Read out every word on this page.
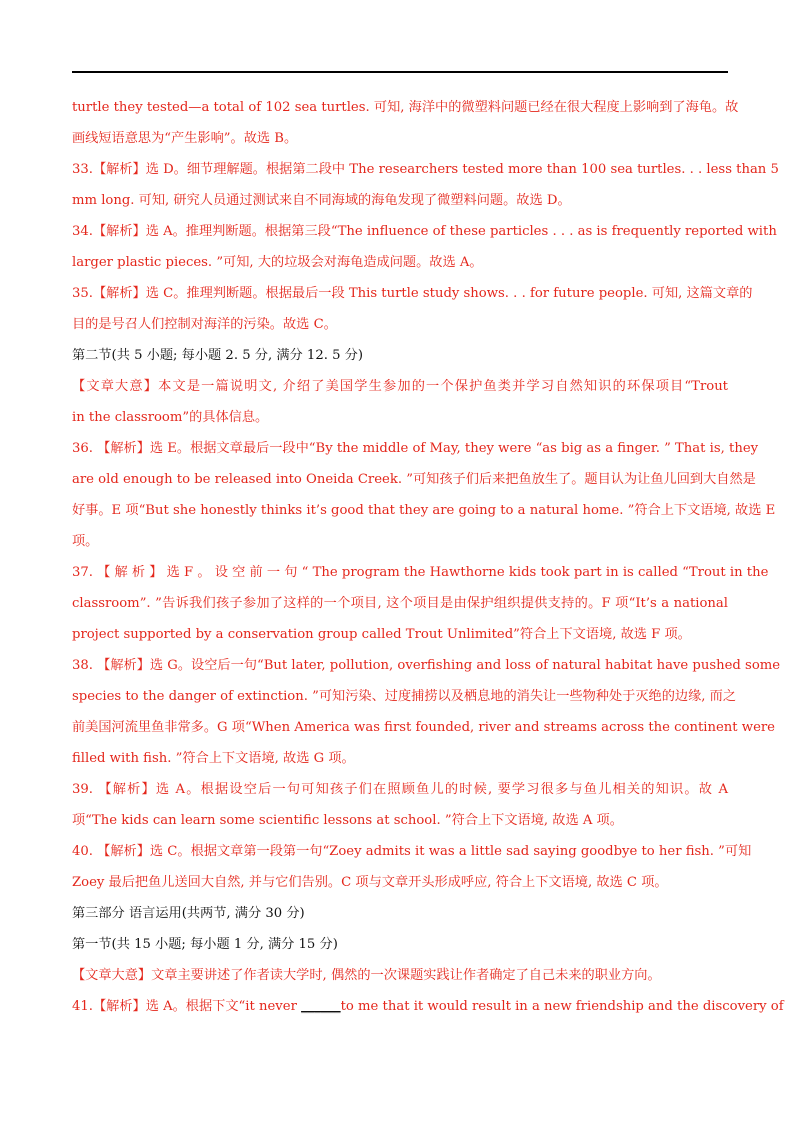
turtle they tested—a total of 102 sea turtles. 可知, 海洋中的微塑料问题已经在很大程度上影响到了海龟。故
画线短语意思为“产生影响”。故选 B。
33.【解析】选 D。细节理解题。根据第二段中 The researchers tested more than 100 sea turtles. . . less than 5
mm long. 可知, 研究人员通过测试来自不同海域的海龟发现了微塑料问题。故选 D。
34.【解析】选 A。推理判断题。根据第三段“The influence of these particles . . . as is frequently reported with
larger plastic pieces. ”可知, 大的垃圾会对海龟造成问题。故选 A。
35.【解析】选 C。推理判断题。根据最后一段 This turtle study shows. . . for future people. 可知, 这篇文章的
目的是号召人们控制对海洋的污染。故选 C。
第二节(共 5 小题; 每小题 2. 5 分, 满分 12. 5 分)
【文章大意】本文是一篇说明文, 介绍了美国学生参加的一个保护鱼类并学习自然知识的环保项目“Trout
in the classroom”的具体信息。
36. 【解析】选 E。根据文章最后一段中“By the middle of May, they were “as big as a finger. ” That is, they
are old enough to be released into Oneida Creek. ”可知孩子们后来把鱼放生了。题目认为让鱼儿回到大自然是
好事。E 项“But she honestly thinks it’s good that they are going to a natural home. ”符合上下文语境, 故选 E
项。
37. 【 解 析 】 选 F 。 设 空 前 一 句 “ The program the Hawthorne kids took part in is called “Trout in the
classroom”. ”告诉我们孩子参加了这样的一个项目, 这个项目是由保护组织提供支持的。F 项“It’s a national
project supported by a conservation group called Trout Unlimited”符合上下文语境, 故选 F 项。
38. 【解析】选 G。设空后一句“But later, pollution, overfishing and loss of natural habitat have pushed some
species to the danger of extinction. ”可知污染、过度捕捞以及栖息地的消失让一些物种处于灭绝的边缘, 而之
前美国河流里鱼非常多。G 项“When America was first founded, river and streams across the continent were
filled with fish. ”符合上下文语境, 故选 G 项。
39. 【解析】选 A。根据设空后一句可知孩子们在照顾鱼儿的时候, 要学习很多与鱼儿相关的知识。故 A
项“The kids can learn some scientific lessons at school. ”符合上下文语境, 故选 A 项。
40. 【解析】选 C。根据文章第一段第一句“Zoey admits it was a little sad saying goodbye to her fish. ”可知
Zoey 最后把鱼儿送回大自然, 并与它们告别。C 项与文章开头形成呼应, 符合上下文语境, 故选 C 项。
第三部分 语言运用(共两节, 满分 30 分)
第一节(共 15 小题; 每小题 1 分, 满分 15 分)
【文章大意】文章主要讲述了作者读大学时, 偶然的一次课题实践让作者确定了自己未来的职业方向。
41.【解析】选 A。根据下文“it never ______to me that it would result in a new friendship and the discovery of
